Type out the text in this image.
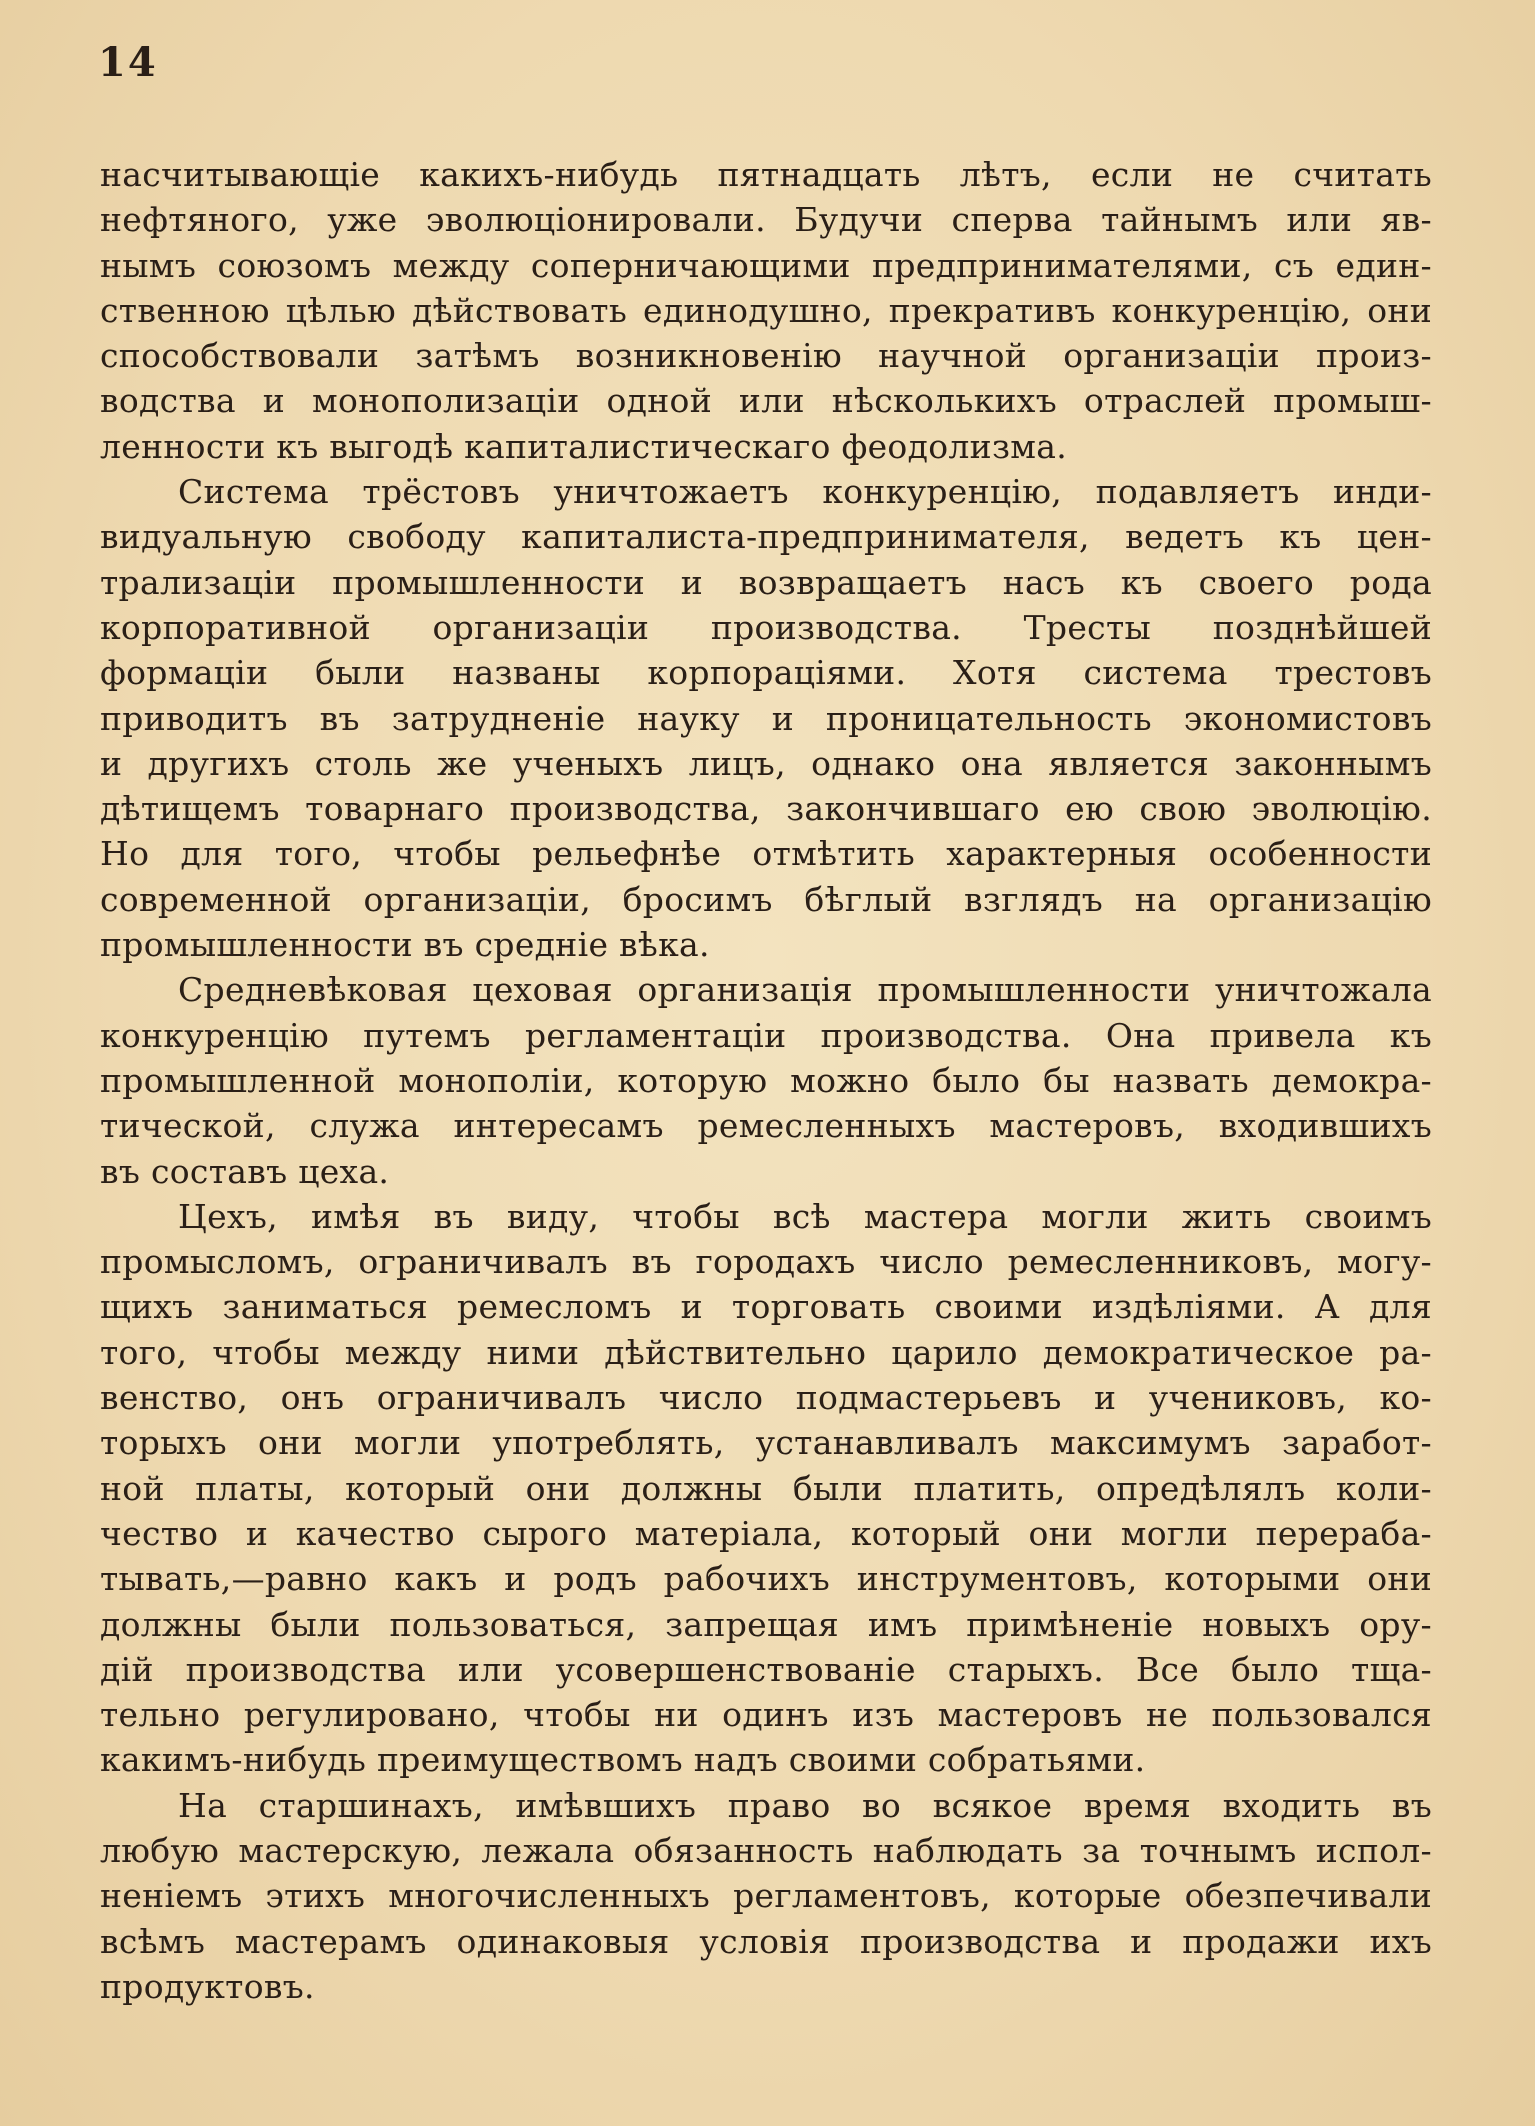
14
насчитывающіе какихъ-нибудь пятнадцать лѣтъ, если не считать
нефтяного, уже эволюціонировали. Будучи сперва тайнымъ или яв-
нымъ союзомъ между соперничающими предпринимателями, съ един-
ственною цѣлью дѣйствовать единодушно, прекративъ конкуренцію, они
способствовали затѣмъ возникновенію научной организаціи произ-
водства и монополизаціи одной или нѣсколькихъ отраслей промыш-
ленности къ выгодѣ капиталистическаго феодолизма.
Система трёстовъ уничтожаетъ конкуренцію, подавляетъ инди-
видуальную свободу капиталиста-предпринимателя, ведетъ къ цен-
трализаціи промышленности и возвращаетъ насъ къ своего рода
корпоративной организаціи производства. Тресты позднѣйшей
формаціи были названы корпораціями. Хотя система трестовъ
приводитъ въ затрудненіе науку и проницательность экономистовъ
и другихъ столь же ученыхъ лицъ, однако она является законнымъ
дѣтищемъ товарнаго производства, закончившаго ею свою эволюцію.
Но для того, чтобы рельефнѣе отмѣтить характерныя особенности
современной организаціи, бросимъ бѣглый взглядъ на организацію
промышленности въ средніе вѣка.
Средневѣковая цеховая организація промышленности уничтожала
конкуренцію путемъ регламентаціи производства. Она привела къ
промышленной монополіи, которую можно было бы назвать демокра-
тической, служа интересамъ ремесленныхъ мастеровъ, входившихъ
въ составъ цеха.
Цехъ, имѣя въ виду, чтобы всѣ мастера могли жить своимъ
промысломъ, ограничивалъ въ городахъ число ремесленниковъ, могу-
щихъ заниматься ремесломъ и торговать своими издѣліями. А для
того, чтобы между ними дѣйствительно царило демократическое ра-
венство, онъ ограничивалъ число подмастерьевъ и учениковъ, ко-
торыхъ они могли употреблять, устанавливалъ максимумъ заработ-
ной платы, который они должны были платить, опредѣлялъ коли-
чество и качество сырого матеріала, который они могли перераба-
тывать,—равно какъ и родъ рабочихъ инструментовъ, которыми они
должны были пользоваться, запрещая имъ примѣненіе новыхъ ору-
дій производства или усовершенствованіе старыхъ. Все было тща-
тельно регулировано, чтобы ни одинъ изъ мастеровъ не пользовался
какимъ-нибудь преимуществомъ надъ своими собратьями.
На старшинахъ, имѣвшихъ право во всякое время входить въ
любую мастерскую, лежала обязанность наблюдать за точнымъ испол-
неніемъ этихъ многочисленныхъ регламентовъ, которые обезпечивали
всѣмъ мастерамъ одинаковыя условія производства и продажи ихъ
продуктовъ.
